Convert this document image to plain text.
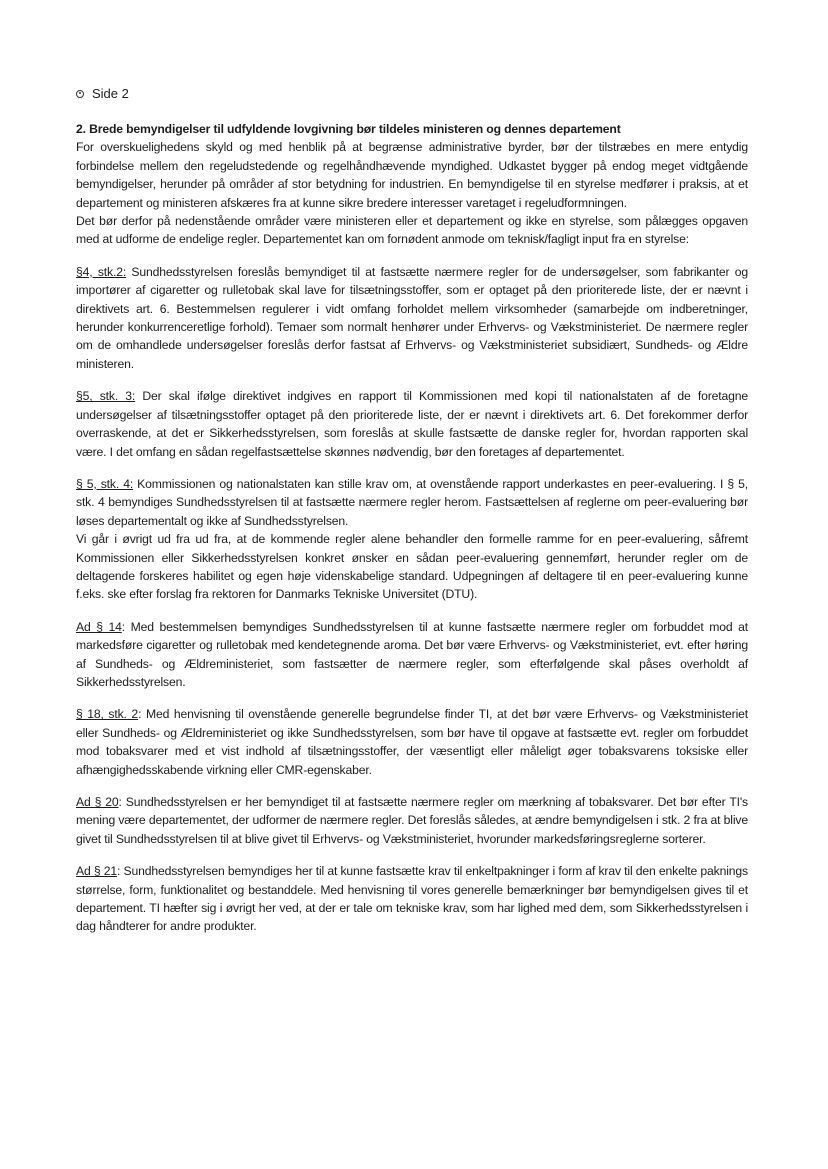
Side 2

2. Brede bemyndigelser til udfyldende lovgivning bør tildeles ministeren og dennes departement

For overskuelighedens skyld og med henblik på at begrænse administrative byrder, bør der tilstræbes en mere entydig forbindelse mellem den regeludstedende og regelhåndhævende myndighed. Udkastet bygger på endog meget vidtgående bemyndigelser, herunder på områder af stor betydning for industrien. En bemyndigelse til en styrelse medfører i praksis, at et departement og ministeren afskæres fra at kunne sikre bredere interesser varetaget i regeludformningen.

Det bør derfor på nedenstående områder være ministeren eller et departement og ikke en styrelse, som pålægges opgaven med at udforme de endelige regler. Departementet kan om fornødent anmode om teknisk/fagligt input fra en styrelse:

§4, stk.2: Sundhedsstyrelsen foreslås bemyndiget til at fastsætte nærmere regler for de undersøgelser, som fabrikanter og importører af cigaretter og rulletobak skal lave for tilsætningsstoffer, som er optaget på den prioriterede liste, der er nævnt i direktivets art. 6. Bestemmelsen regulerer i vidt omfang forholdet mellem virksomheder (samarbejde om indberetninger, herunder konkurrenceretlige forhold). Temaer som normalt henhører under Erhvervs- og Vækstministeriet. De nærmere regler om de omhandlede undersøgelser foreslås derfor fastsat af Erhvervs- og Vækstministeriet subsidiært, Sundheds- og Ældre ministeren.

§5, stk. 3: Der skal ifølge direktivet indgives en rapport til Kommissionen med kopi til nationalstaten af de foretagne undersøgelser af tilsætningsstoffer optaget på den prioriterede liste, der er nævnt i direktivets art. 6. Det forekommer derfor overraskende, at det er Sikkerhedsstyrelsen, som foreslås at skulle fastsætte de danske regler for, hvordan rapporten skal være. I det omfang en sådan regelfastsættelse skønnes nødvendig, bør den foretages af departementet.

§ 5, stk. 4: Kommissionen og nationalstaten kan stille krav om, at ovenstående rapport underkastes en peer-evaluering. I § 5, stk. 4 bemyndiges Sundhedsstyrelsen til at fastsætte nærmere regler herom. Fastsættelsen af reglerne om peer-evaluering bør løses departementalt og ikke af Sundhedsstyrelsen.

Vi går i øvrigt ud fra ud fra, at de kommende regler alene behandler den formelle ramme for en peer-evaluering, såfremt Kommissionen eller Sikkerhedsstyrelsen konkret ønsker en sådan peer-evaluering gennemført, herunder regler om de deltagende forskeres habilitet og egen høje videnskabelige standard. Udpegningen af deltagere til en peer-evaluering kunne f.eks. ske efter forslag fra rektoren for Danmarks Tekniske Universitet (DTU).

Ad § 14: Med bestemmelsen bemyndiges Sundhedsstyrelsen til at kunne fastsætte nærmere regler om forbuddet mod at markedsføre cigaretter og rulletobak med kendetegnende aroma. Det bør være Erhvervs- og Vækstministeriet, evt. efter høring af Sundheds- og Ældreministeriet, som fastsætter de nærmere regler, som efterfølgende skal påses overholdt af Sikkerhedsstyrelsen.

§ 18, stk. 2: Med henvisning til ovenstående generelle begrundelse finder TI, at det bør være Erhvervs- og Vækstministeriet eller Sundheds- og Ældreministeriet og ikke Sundhedsstyrelsen, som bør have til opgave at fastsætte evt. regler om forbuddet mod tobaksvarer med et vist indhold af tilsætningsstoffer, der væsentligt eller måleligt øger tobaksvarens toksiske eller afhængighedsskabende virkning eller CMR-egenskaber.

Ad § 20: Sundhedsstyrelsen er her bemyndiget til at fastsætte nærmere regler om mærkning af tobaksvarer. Det bør efter TI's mening være departementet, der udformer de nærmere regler. Det foreslås således, at ændre bemyndigelsen i stk. 2 fra at blive givet til Sundhedsstyrelsen til at blive givet til Erhvervs- og Vækstministeriet, hvorunder markedsføringsreglerne sorterer.

Ad § 21: Sundhedsstyrelsen bemyndiges her til at kunne fastsætte krav til enkeltpakninger i form af krav til den enkelte paknings størrelse, form, funktionalitet og bestanddele. Med henvisning til vores generelle bemærkninger bør bemyndigelsen gives til et departement. TI hæfter sig i øvrigt her ved, at der er tale om tekniske krav, som har lighed med dem, som Sikkerhedsstyrelsen i dag håndterer for andre produkter.
